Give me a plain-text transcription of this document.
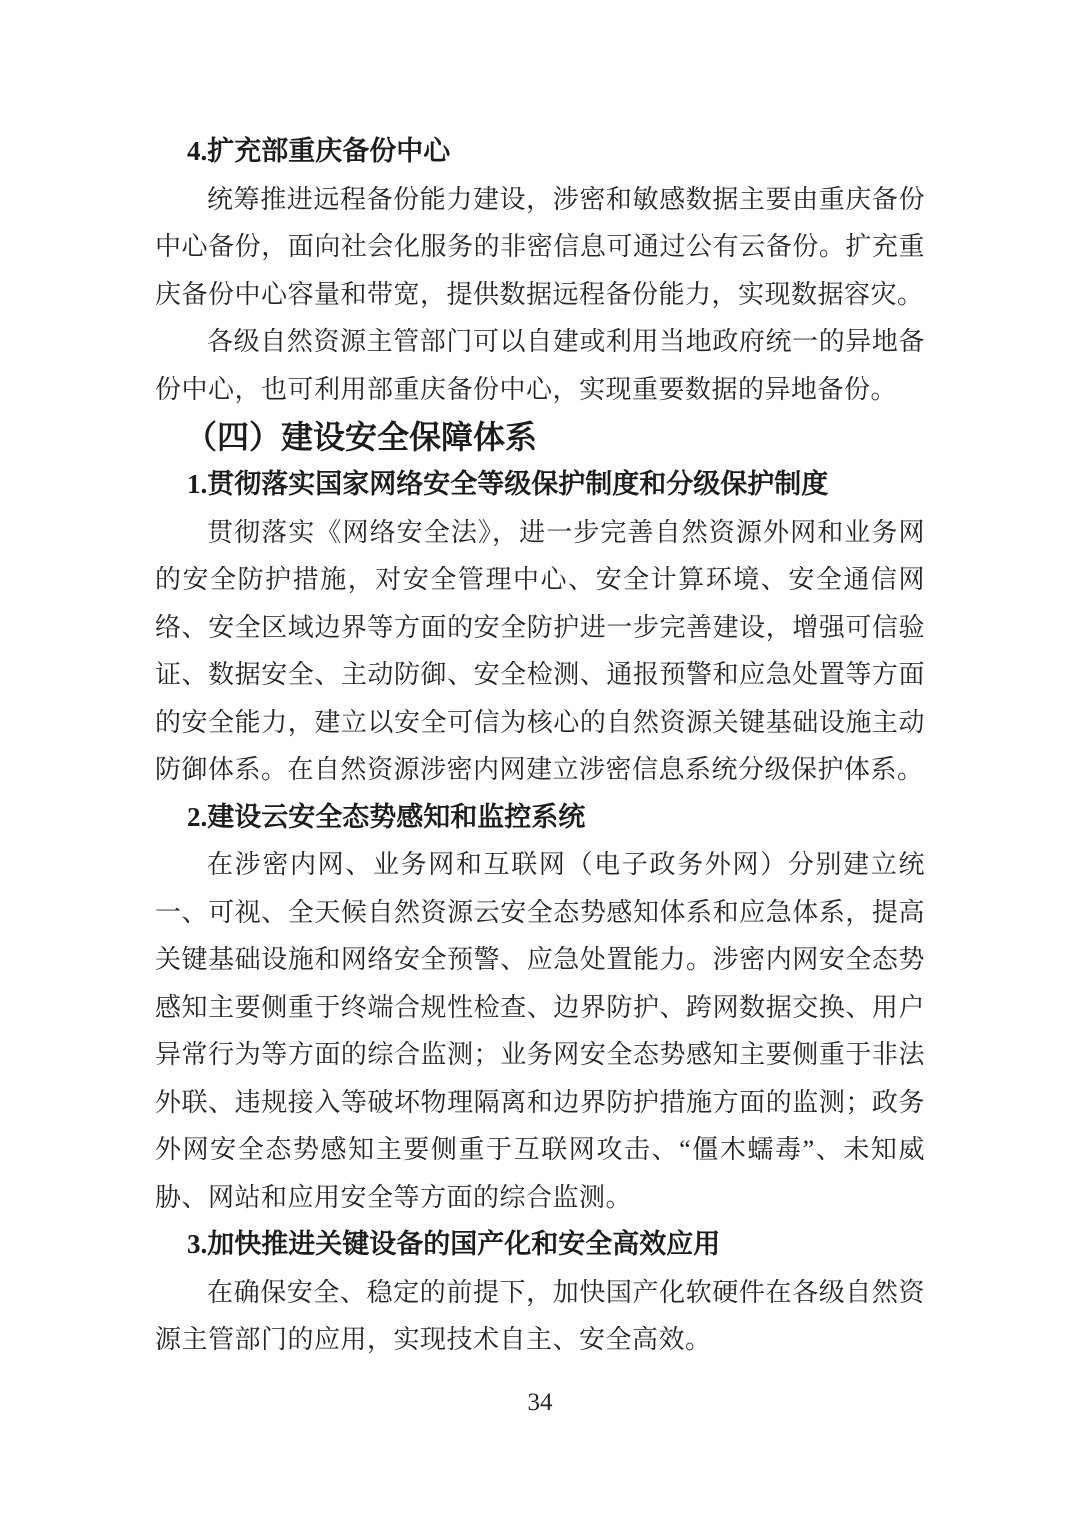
4.扩充部重庆备份中心

统筹推进远程备份能力建设，涉密和敏感数据主要由重庆备份中心备份，面向社会化服务的非密信息可通过公有云备份。扩充重庆备份中心容量和带宽，提供数据远程备份能力，实现数据容灾。

各级自然资源主管部门可以自建或利用当地政府统一的异地备份中心，也可利用部重庆备份中心，实现重要数据的异地备份。

（四）建设安全保障体系
1.贯彻落实国家网络安全等级保护制度和分级保护制度

贯彻落实《网络安全法》，进一步完善自然资源外网和业务网的安全防护措施，对安全管理中心、安全计算环境、安全通信网络、安全区域边界等方面的安全防护进一步完善建设，增强可信验证、数据安全、主动防御、安全检测、通报预警和应急处置等方面的安全能力，建立以安全可信为核心的自然资源关键基础设施主动防御体系。在自然资源涉密内网建立涉密信息系统分级保护体系。

2.建设云安全态势感知和监控系统

在涉密内网、业务网和互联网（电子政务外网）分别建立统一、可视、全天候自然资源云安全态势感知体系和应急体系，提高关键基础设施和网络安全预警、应急处置能力。涉密内网安全态势感知主要侧重于终端合规性检查、边界防护、跨网数据交换、用户异常行为等方面的综合监测；业务网安全态势感知主要侧重于非法外联、违规接入等破坏物理隔离和边界防护措施方面的监测；政务外网安全态势感知主要侧重于互联网攻击、“僵木蠕毒”、未知威胁、网站和应用安全等方面的综合监测。

3.加快推进关键设备的国产化和安全高效应用

在确保安全、稳定的前提下，加快国产化软硬件在各级自然资源主管部门的应用，实现技术自主、安全高效。

34
